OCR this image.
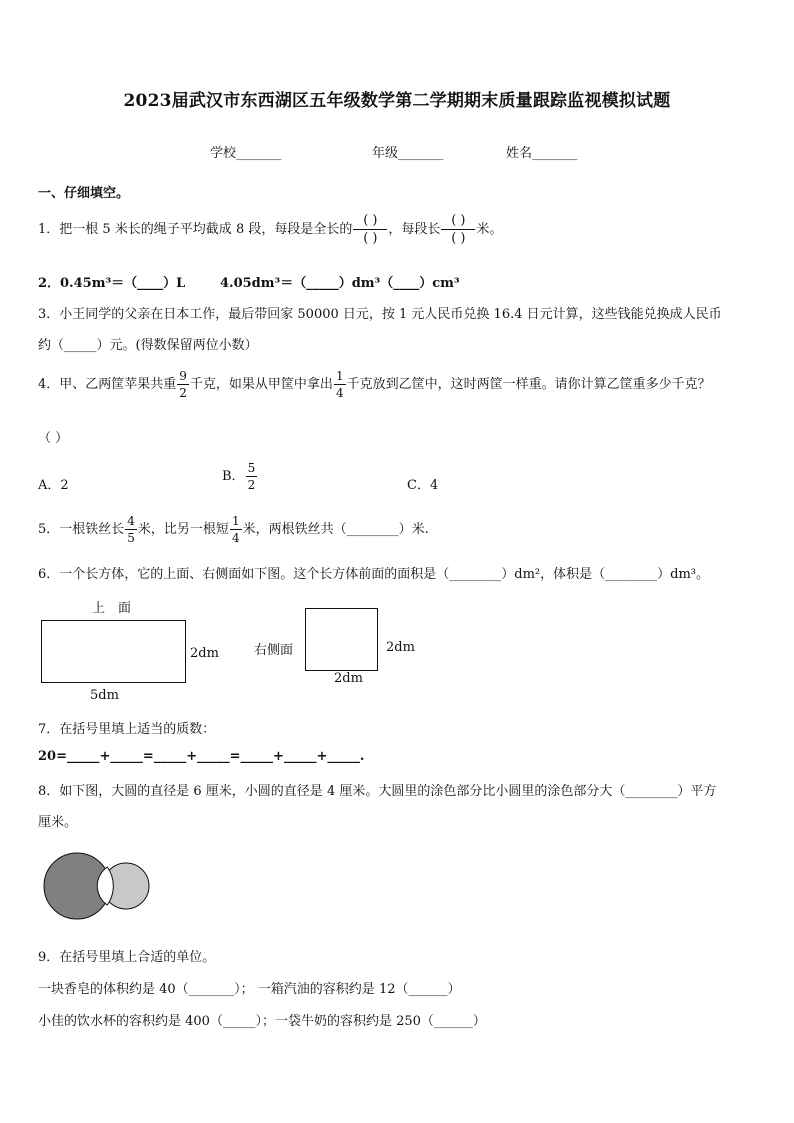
2023届武汉市东西湖区五年级数学第二学期期末质量跟踪监视模拟试题
学校_______	年级_______	姓名_______
一、仔细填空。
1．把一根 5 米长的绳子平均截成 8 段，每段是全长的
( )
( )
，每段长
( )
( )
米。
2．0.45m³＝（____）L	4.05dm³＝（_____）dm³（____）cm³
3．小王同学的父亲在日本工作，最后带回家 50000 日元，按 1 元人民币兑换 16.4 日元计算，这些钱能兑换成人民币
约（_____）元。(得数保留两位小数）
4．甲、乙两筐苹果共重 $\frac{9}{2}$ 千克，如果从甲筐中拿出 $\frac{1}{4}$ 千克放到乙筐中，这时两筐一样重。请你计算乙筐重多少千克？
（ ）
A．2
B． $\frac{5}{2}$	C．4
5．一根铁丝长 $\frac{4}{5}$ 米，比另一根短 $\frac{1}{4}$ 米，两根铁丝共（________）米.
6．一个长方体，它的上面、右侧面如下图。这个长方体前面的面积是（________）dm²，体积是（________）dm³。
上　面
2dm
5dm
右侧面	2dm
2dm
7．在括号里填上适当的质数：
20=_____+_____=_____+_____=_____+_____+_____.
8．如下图，大圆的直径是 6 厘米，小圆的直径是 4 厘米。大圆里的涂色部分比小圆里的涂色部分大（________）平方
厘米。
9．在括号里填上合适的单位。
一块香皂的体积约是 40（_______）； 一箱汽油的容积约是 12（______）
小佳的饮水杯的容积约是 400（_____）；一袋牛奶的容积约是 250（______）
